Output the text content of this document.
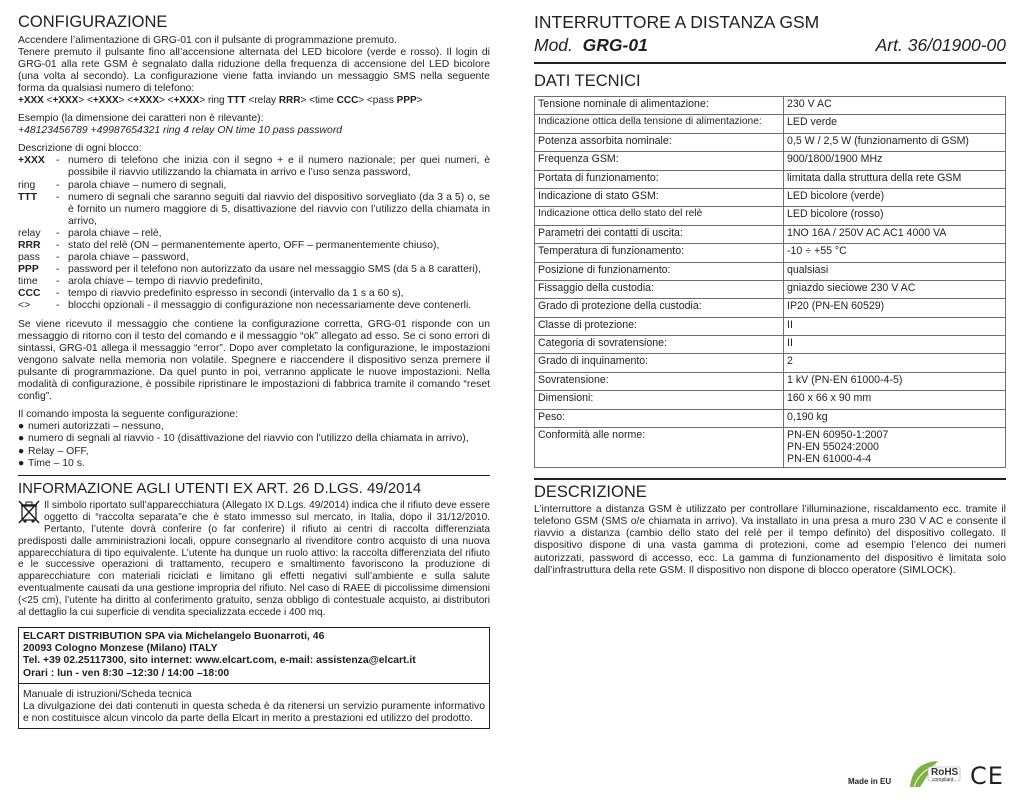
CONFIGURAZIONE

Accendere l’alimentazione di GRG-01 con il pulsante di programmazione premuto.

Tenere premuto il pulsante fino all’accensione alternata del LED bicolore (verde e rosso). Il login di GRG-01 alla rete GSM è segnalato dalla riduzione della frequenza di accensione del LED bicolore (una volta al secondo). La configurazione viene fatta inviando un messaggio SMS nella seguente forma da qualsiasi numero di telefono:

+XXX <+XXX> <+XXX> <+XXX> <+XXX> ring TTT <relay RRR> <time CCC> <pass PPP>

Esempio (la dimensione dei caratteri non è rilevante):

+48123456789 +49987654321 ring 4 relay ON time 10 pass password

Descrizione di ogni blocco:

+XXX	- numero di telefono che inizia con il segno + e il numero nazionale; per quei numeri, è possibile il riavvio utilizzando la chiamata in arrivo e l’uso senza password,
ring	- parola chiave – numero di segnali,
TTT	- numero di segnali che saranno seguiti dal riavvio del dispositivo sorvegliato (da 3 a 5) o, se è fornito un numero maggiore di 5, disattivazione del riavvio con l’utilizzo della chiamata in arrivo,
relay	- parola chiave – relè,
RRR	- stato del relè (ON – permanentemente aperto, OFF – permanentemente chiuso),
pass	- parola chiave – password,
PPP	- password per il telefono non autorizzato da usare nel messaggio SMS (da 5 a 8 caratteri),
time	- arola chiave – tempo di riavvio predefinito,
CCC	- tempo di riavvio predefinito espresso in secondi (intervallo da 1 s a 60 s),
<>	- blocchi opzionali - il messaggio di configurazione non necessariamente deve contenerli.

Se viene ricevuto il messaggio che contiene la configurazione corretta, GRG-01 risponde con un messaggio di ritorno con il testo del comando e il messaggio “ok” allegato ad esso. Se ci sono errori di sintassi, GRG-01 allega il messaggio “error”. Dopo aver completato la configurazione, le impostazioni vengono salvate nella memoria non volatile. Spegnere e riaccendere il dispositivo senza premere il pulsante di programmazione. Da quel punto in poi, verranno applicate le nuove impostazioni. Nella modalità di configurazione, è possibile ripristinare le impostazioni di fabbrica tramite il comando “reset config”.

Il comando imposta la seguente configurazione:

● numeri autorizzati – nessuno,
● numero di segnali al riavvio - 10 (disattivazione del riavvio con l’utilizzo della chiamata in arrivo),
● Relay – OFF,
● Time – 10 s.
INFORMAZIONE AGLI UTENTI EX ART. 26 D.LGS. 49/2014
Il simbolo riportato sull’apparecchiatura (Allegato IX D.Lgs. 49/2014) indica che il rifiuto deve essere oggetto di “raccolta separata”e che è stato immesso sul mercato, in Italia, dopo il 31/12/2010. Pertanto, l’utente dovrà conferire (o far conferire) il rifiuto ai centri di raccolta differenziata predisposti dalle amministrazioni locali, oppure consegnarlo al rivenditore contro acquisto di una nuova apparecchiatura di tipo equivalente. L’utente ha dunque un ruolo attivo: la raccolta differenziata del rifiuto e le successive operazioni di trattamento, recupero e smaltimento favoriscono la produzione di apparecchiature con materiali riciclati e limitano gli effetti negativi sull’ambiente e sulla salute eventualmente causati da una gestione impropria del rifiuto. Nel caso di RAEE di piccolissime dimensioni (<25 cm), l’utente ha diritto al conferimento gratuito, senza obbligo di contestuale acquisto, ai distributori al dettaglio la cui superficie di vendita specializzata eccede i 400 mq.
ELCART DISTRIBUTION SPA via Michelangelo Buonarroti, 46
20093 Cologno Monzese (Milano) ITALY
Tel. +39 02.25117300, sito internet: www.elcart.com, e-mail: assistenza@elcart.it
Orari : lun - ven 8:30 –12:30 / 14:00 –18:00
Manuale di istruzioni/Scheda tecnica
La divulgazione dei dati contenuti in questa scheda è da ritenersi un servizio puramente informativo e non costituisce alcun vincolo da parte della Elcart in merito a prestazioni ed utilizzo del prodotto.
INTERRUTTORE A DISTANZA GSM
Mod. GRG-01	Art. 36/01900-00
DATI TECNICI
Tensione nominale di alimentazione:	230 V AC
Indicazione ottica della tensione di alimentazione:	LED verde
Potenza assorbita nominale:	0,5 W / 2,5 W (funzionamento di GSM)
Frequenza GSM:	900/1800/1900 MHz
Portata di funzionamento:	limitata dalla struttura della rete GSM
Indicazione di stato GSM:	LED bicolore (verde)
Indicazione ottica dello stato del relè	LED bicolore (rosso)
Parametri dei contatti di uscita:	1NO 16A / 250V AC AC1 4000 VA
Temperatura di funzionamento:	-10 ÷ +55 °C
Posizione di funzionamento:	qualsiasi
Fissaggio della custodia:	gniazdo sieciowe 230 V AC
Grado di protezione della custodia:	IP20 (PN-EN 60529)
Classe di protezione:	II
Categoria di sovratensione:	II
Grado di inquinamento:	2
Sovratensione:	1 kV (PN-EN 61000-4-5)
Dimensioni:	160 x 66 x 90 mm
Peso:	0,190 kg
Conformità alle norme:	PN-EN 60950-1:2007
PN-EN 55024:2000
PN-EN 61000-4-4
DESCRIZIONE

L’interruttore a distanza GSM è utilizzato per controllare l’illuminazione, riscaldamento ecc. tramite il telefono GSM (SMS o/e chiamata in arrivo). Va installato in una presa a muro 230 V AC e consente il riavvio a distanza (cambio dello stato del relè per il tempo definito) del dispositivo collegato. Il dispositivo dispone di una vasta gamma di protezioni, come ad esempio l’elenco dei numeri autorizzati, password di accesso, ecc. La gamma di funzionamento del dispositivo è limitata solo dall’infrastruttura della rete GSM. Il dispositivo non dispone di blocco operatore (SIMLOCK).

Made in EU
RoHS
compliant CE
